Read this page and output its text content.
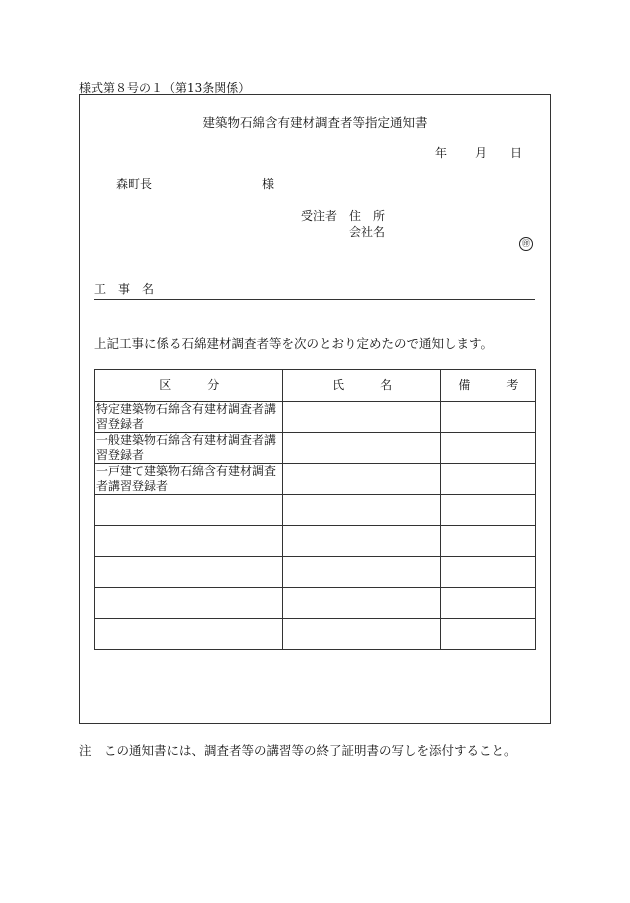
様式第８号の１（第13条関係）
建築物石綿含有建材調査者等指定通知書
年 月 日
森町長	様
受注者 住　所
会社名
㊞
工　事　名
上記工事に係る石綿建材調査者等を次のとおり定めたので通知します。
区　　　分	氏　　　名	備　　　考
特定建築物石綿含有建材調査者講習登録者		
一般建築物石綿含有建材調査者講習登録者		
一戸建て建築物石綿含有建材調査者講習登録者		

注　この通知書には、調査者等の講習等の終了証明書の写しを添付すること。
